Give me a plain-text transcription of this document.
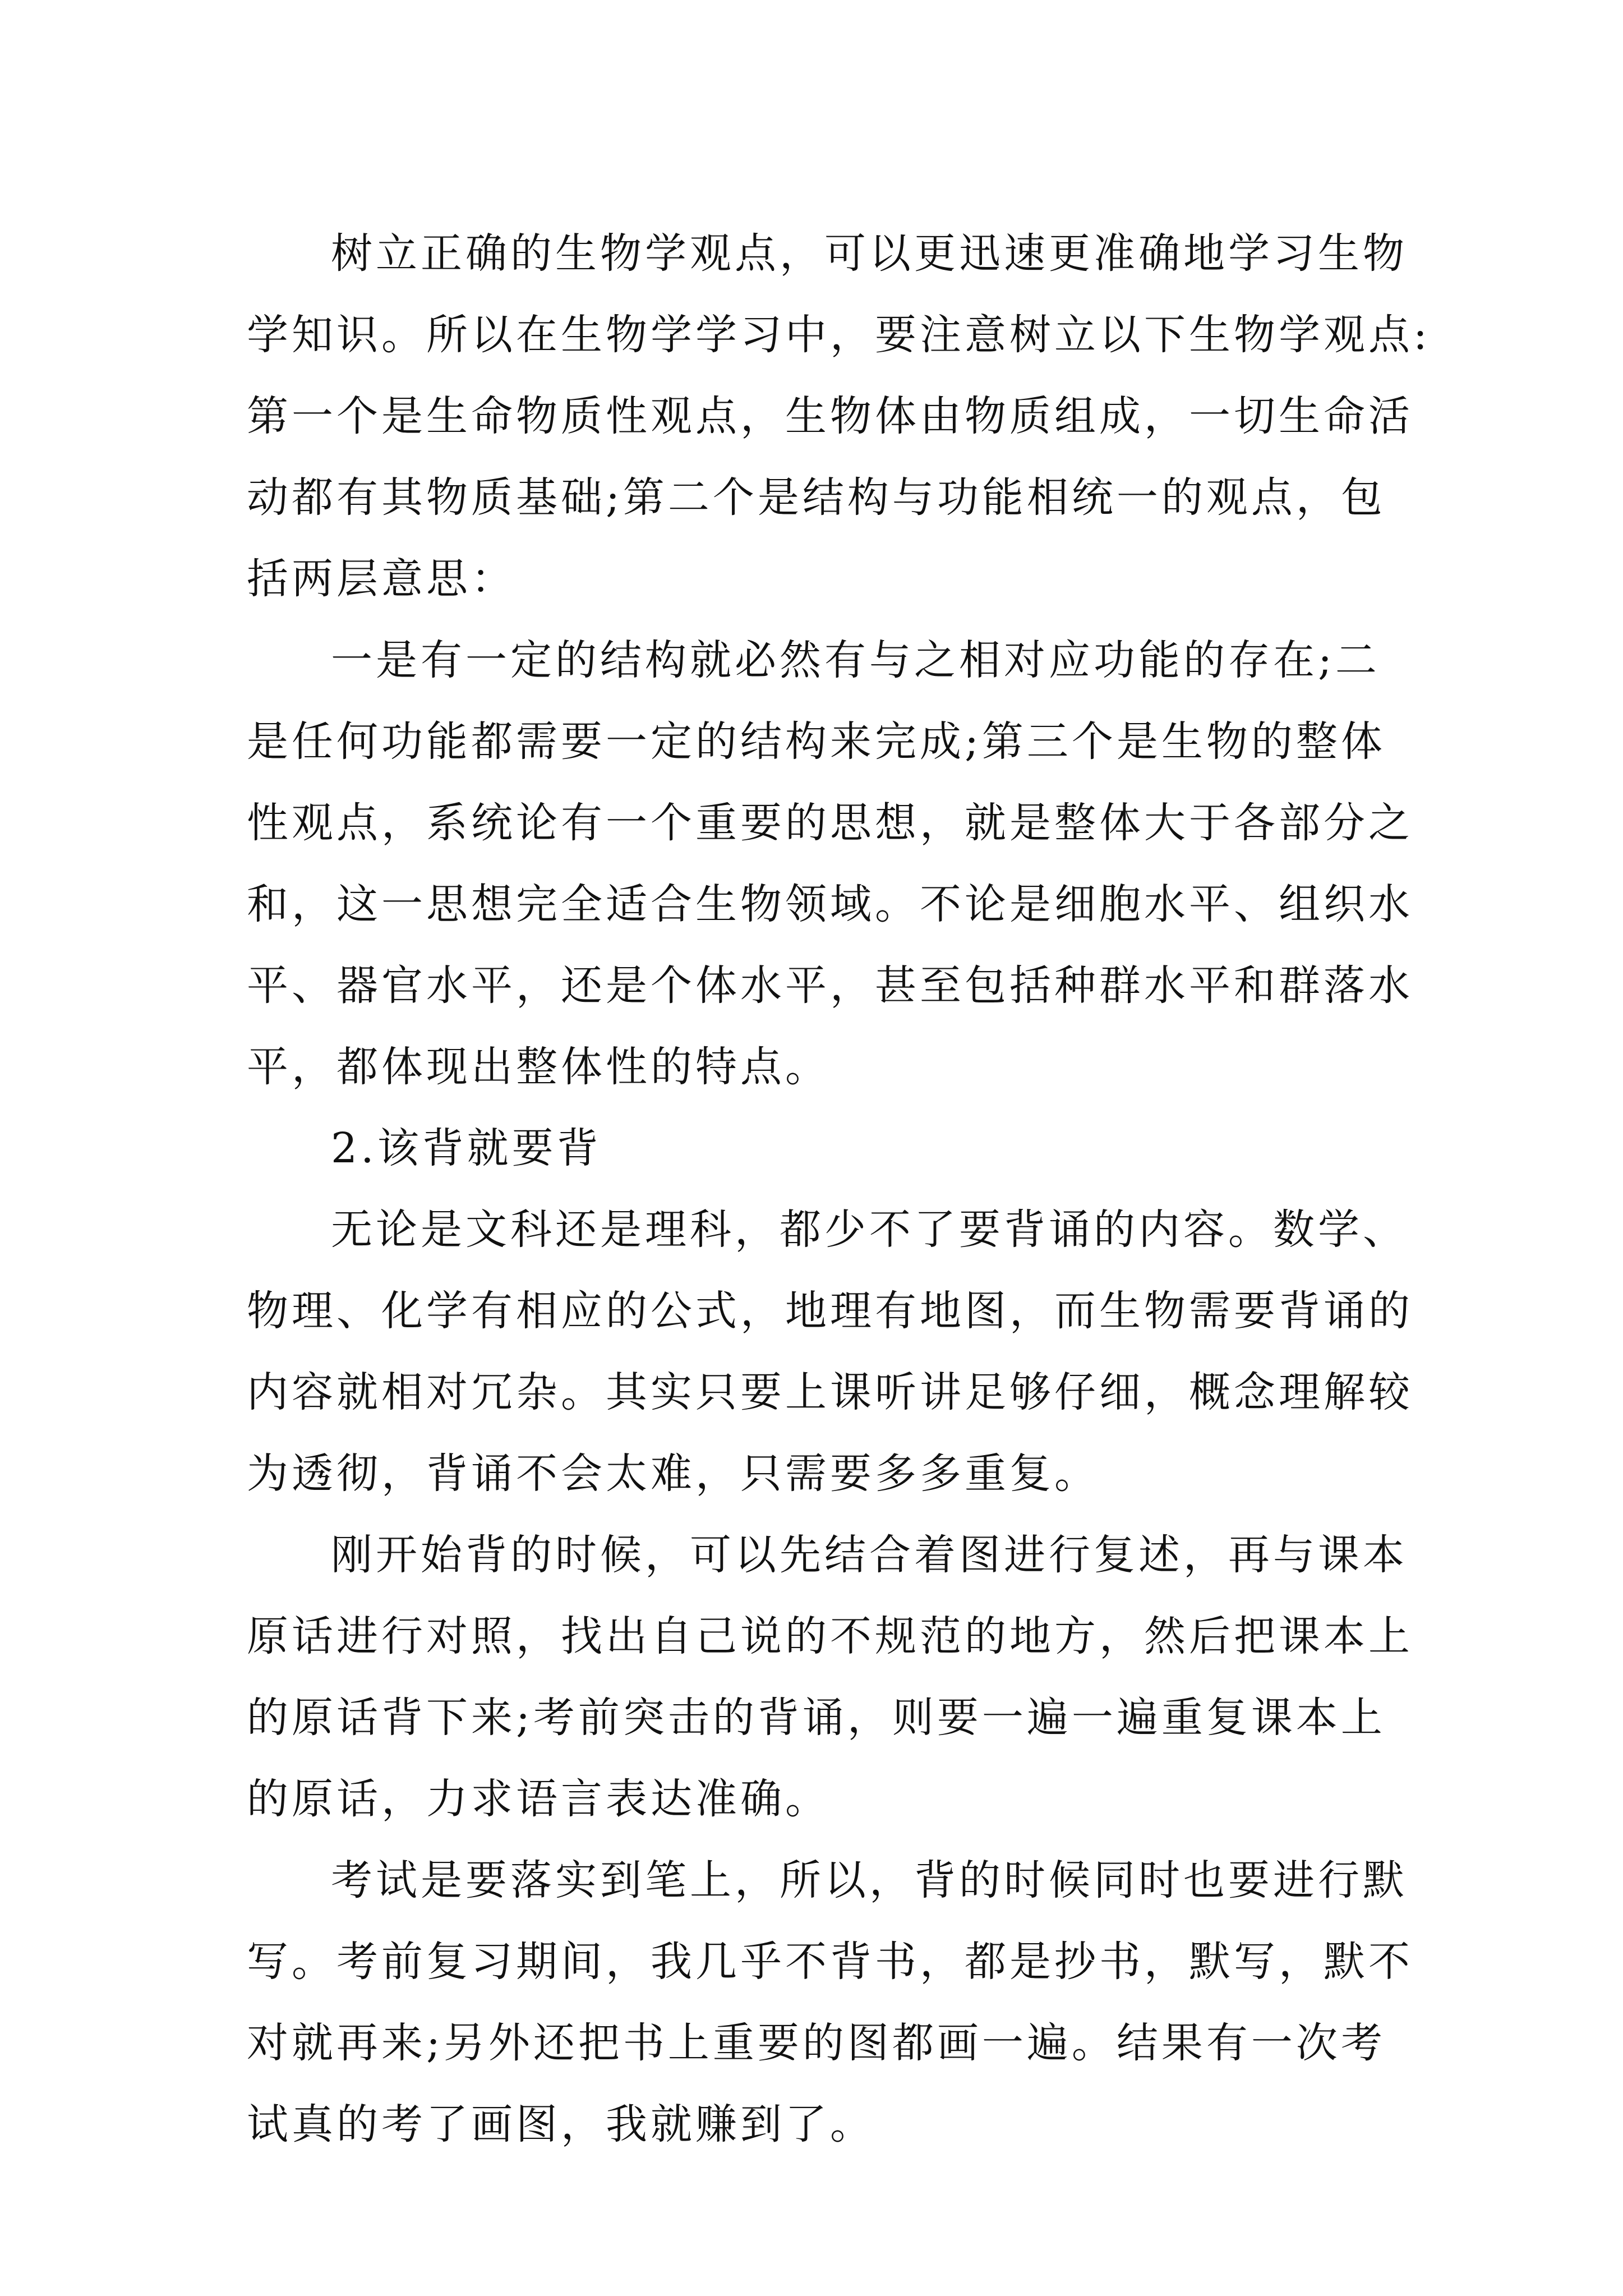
树立正确的生物学观点，可以更迅速更准确地学习生物
学知识。所以在生物学学习中，要注意树立以下生物学观点:
第一个是生命物质性观点，生物体由物质组成，一切生命活
动都有其物质基础;第二个是结构与功能相统一的观点，包
括两层意思：
一是有一定的结构就必然有与之相对应功能的存在;二
是任何功能都需要一定的结构来完成;第三个是生物的整体
性观点，系统论有一个重要的思想，就是整体大于各部分之
和，这一思想完全适合生物领域。不论是细胞水平、组织水
平、器官水平，还是个体水平，甚至包括种群水平和群落水
平，都体现出整体性的特点。
2.该背就要背
无论是文科还是理科，都少不了要背诵的内容。数学、
物理、化学有相应的公式，地理有地图，而生物需要背诵的
内容就相对冗杂。其实只要上课听讲足够仔细，概念理解较
为透彻，背诵不会太难，只需要多多重复。
刚开始背的时候，可以先结合着图进行复述，再与课本
原话进行对照，找出自己说的不规范的地方，然后把课本上
的原话背下来;考前突击的背诵，则要一遍一遍重复课本上
的原话，力求语言表达准确。
考试是要落实到笔上，所以，背的时候同时也要进行默
写。考前复习期间，我几乎不背书，都是抄书，默写，默不
对就再来;另外还把书上重要的图都画一遍。结果有一次考
试真的考了画图，我就赚到了。
